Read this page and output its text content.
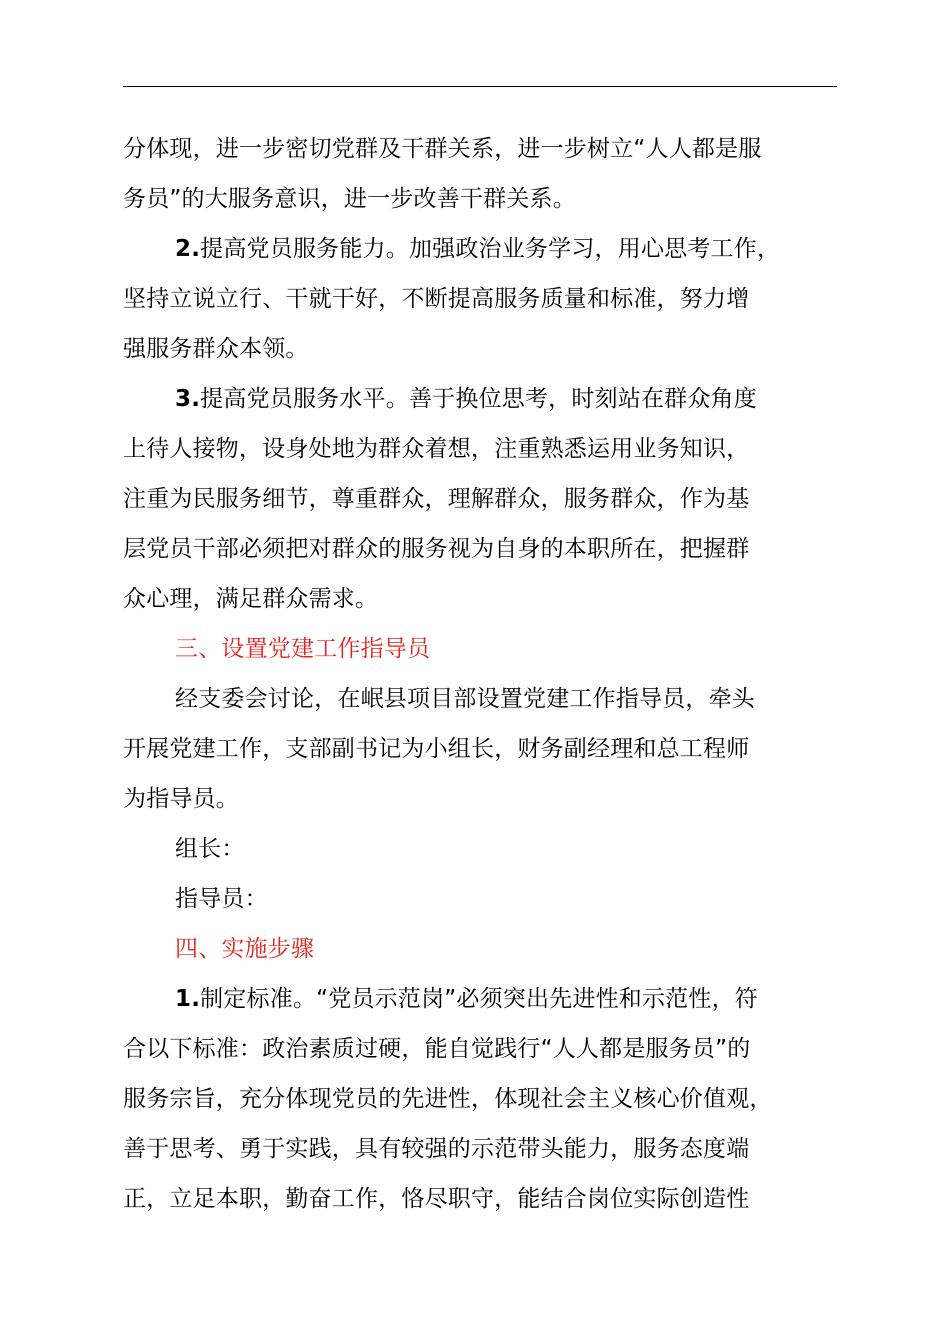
分体现，进一步密切党群及干群关系，进一步树立“人人都是服
务员”的大服务意识，进一步改善干群关系。
2.提高党员服务能力。加强政治业务学习，用心思考工作，
坚持立说立行、干就干好，不断提高服务质量和标准，努力增
强服务群众本领。
3.提高党员服务水平。善于换位思考，时刻站在群众角度
上待人接物，设身处地为群众着想，注重熟悉运用业务知识，
注重为民服务细节，尊重群众，理解群众，服务群众，作为基
层党员干部必须把对群众的服务视为自身的本职所在，把握群
众心理，满足群众需求。
三、设置党建工作指导员
经支委会讨论，在岷县项目部设置党建工作指导员，牵头
开展党建工作，支部副书记为小组长，财务副经理和总工程师
为指导员。
组长：
指导员：
四、实施步骤
1.制定标准。“党员示范岗”必须突出先进性和示范性，符
合以下标准：政治素质过硬，能自觉践行“人人都是服务员”的
服务宗旨，充分体现党员的先进性，体现社会主义核心价值观，
善于思考、勇于实践，具有较强的示范带头能力，服务态度端
正，立足本职，勤奋工作，恪尽职守，能结合岗位实际创造性
